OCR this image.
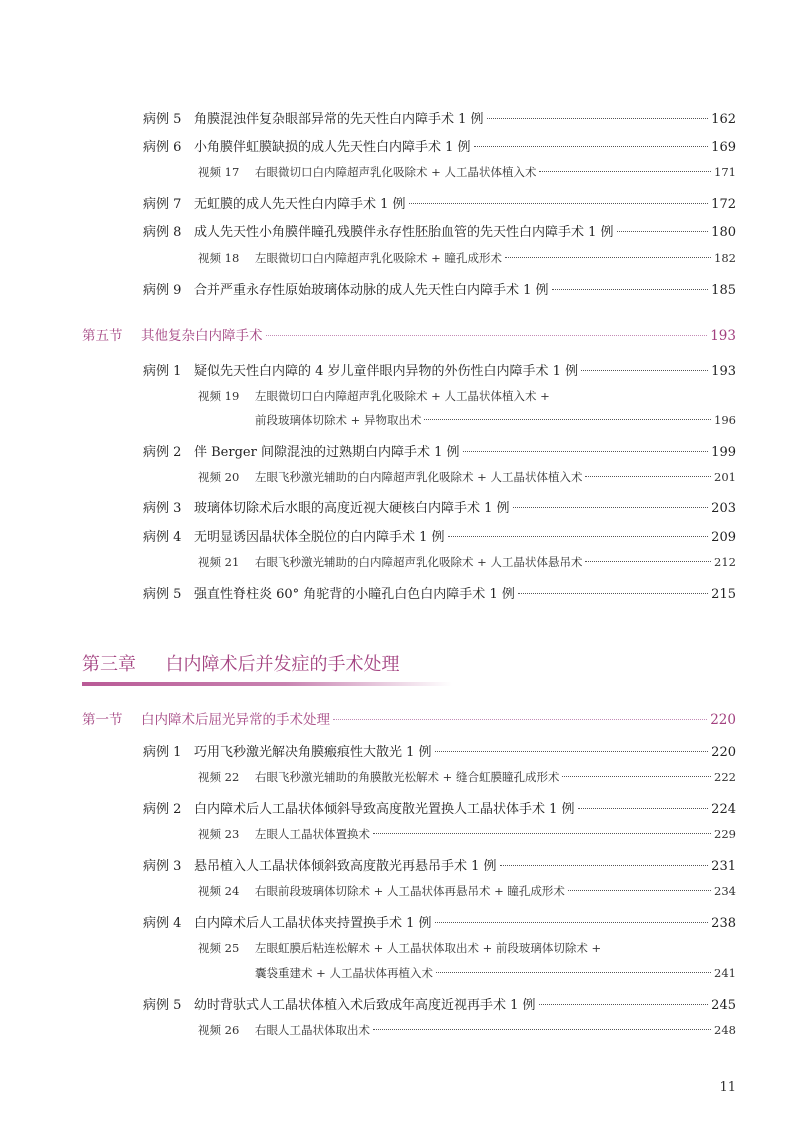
病例 5 角膜混浊伴复杂眼部异常的先天性白内障手术 1 例	162
病例 6 小角膜伴虹膜缺损的成人先天性白内障手术 1 例	169
视频 17	右眼微切口白内障超声乳化吸除术 + 人工晶状体植入术	171
病例 7 无虹膜的成人先天性白内障手术 1 例	172
病例 8 成人先天性小角膜伴瞳孔残膜伴永存性胚胎血管的先天性白内障手术 1 例	180
视频 18	左眼微切口白内障超声乳化吸除术 + 瞳孔成形术	182
病例 9 合并严重永存性原始玻璃体动脉的成人先天性白内障手术 1 例	185
第五节	其他复杂白内障手术	193
病例 1 疑似先天性白内障的 4 岁儿童伴眼内异物的外伤性白内障手术 1 例	193
视频 19	左眼微切口白内障超声乳化吸除术 + 人工晶状体植入术 +
前段玻璃体切除术 + 异物取出术	196
病例 2 伴 Berger 间隙混浊的过熟期白内障手术 1 例	199
视频 20	左眼飞秒激光辅助的白内障超声乳化吸除术 + 人工晶状体植入术	201
病例 3 玻璃体切除术后水眼的高度近视大硬核白内障手术 1 例	203
病例 4 无明显诱因晶状体全脱位的白内障手术 1 例	209
视频 21	右眼飞秒激光辅助的白内障超声乳化吸除术 + 人工晶状体悬吊术	212
病例 5 强直性脊柱炎 60° 角驼背的小瞳孔白色白内障手术 1 例	215
第三章 白内障术后并发症的手术处理
第一节	白内障术后屈光异常的手术处理	220
病例 1 巧用飞秒激光解决角膜瘢痕性大散光 1 例	220
视频 22	右眼飞秒激光辅助的角膜散光松解术 + 缝合虹膜瞳孔成形术	222
病例 2 白内障术后人工晶状体倾斜导致高度散光置换人工晶状体手术 1 例	224
视频 23	左眼人工晶状体置换术	229
病例 3 悬吊植入人工晶状体倾斜致高度散光再悬吊手术 1 例	231
视频 24	右眼前段玻璃体切除术 + 人工晶状体再悬吊术 + 瞳孔成形术	234
病例 4 白内障术后人工晶状体夹持置换手术 1 例	238
视频 25	左眼虹膜后粘连松解术 + 人工晶状体取出术 + 前段玻璃体切除术 +
囊袋重建术 + 人工晶状体再植入术	241
病例 5 幼时背驮式人工晶状体植入术后致成年高度近视再手术 1 例	245
视频 26	右眼人工晶状体取出术	248
11
